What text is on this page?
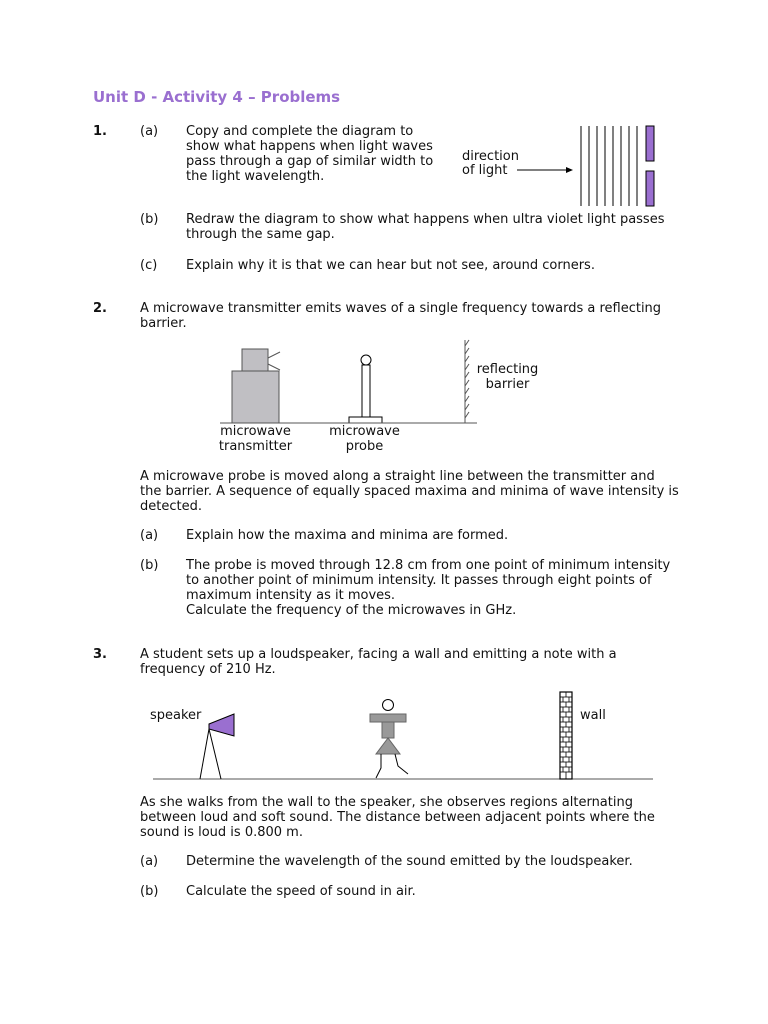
Unit D - Activity 4 – Problems
1.	(a) Copy and complete the diagram to show what happens when light waves pass through a gap of similar width to the light wavelength.
direction
of light
(b) Redraw the diagram to show what happens when ultra violet light passes through the same gap.
(c) Explain why it is that we can hear but not see, around corners.
2.	A microwave transmitter emits waves of a single frequency towards a reflecting barrier.
microwave
transmitter
microwave
probe
reflecting
barrier
A microwave probe is moved along a straight line between the transmitter and the barrier. A sequence of equally spaced maxima and minima of wave intensity is detected.
(a) Explain how the maxima and minima are formed.
(b) The probe is moved through 12.8 cm from one point of minimum intensity to another point of minimum intensity. It passes through eight points of maximum intensity as it moves.
Calculate the frequency of the microwaves in GHz.
3.	A student sets up a loudspeaker, facing a wall and emitting a note with a frequency of 210 Hz.
speaker	wall
As she walks from the wall to the speaker, she observes regions alternating between loud and soft sound. The distance between adjacent points where the sound is loud is 0.800 m.
(a) Determine the wavelength of the sound emitted by the loudspeaker.
(b) Calculate the speed of sound in air.
